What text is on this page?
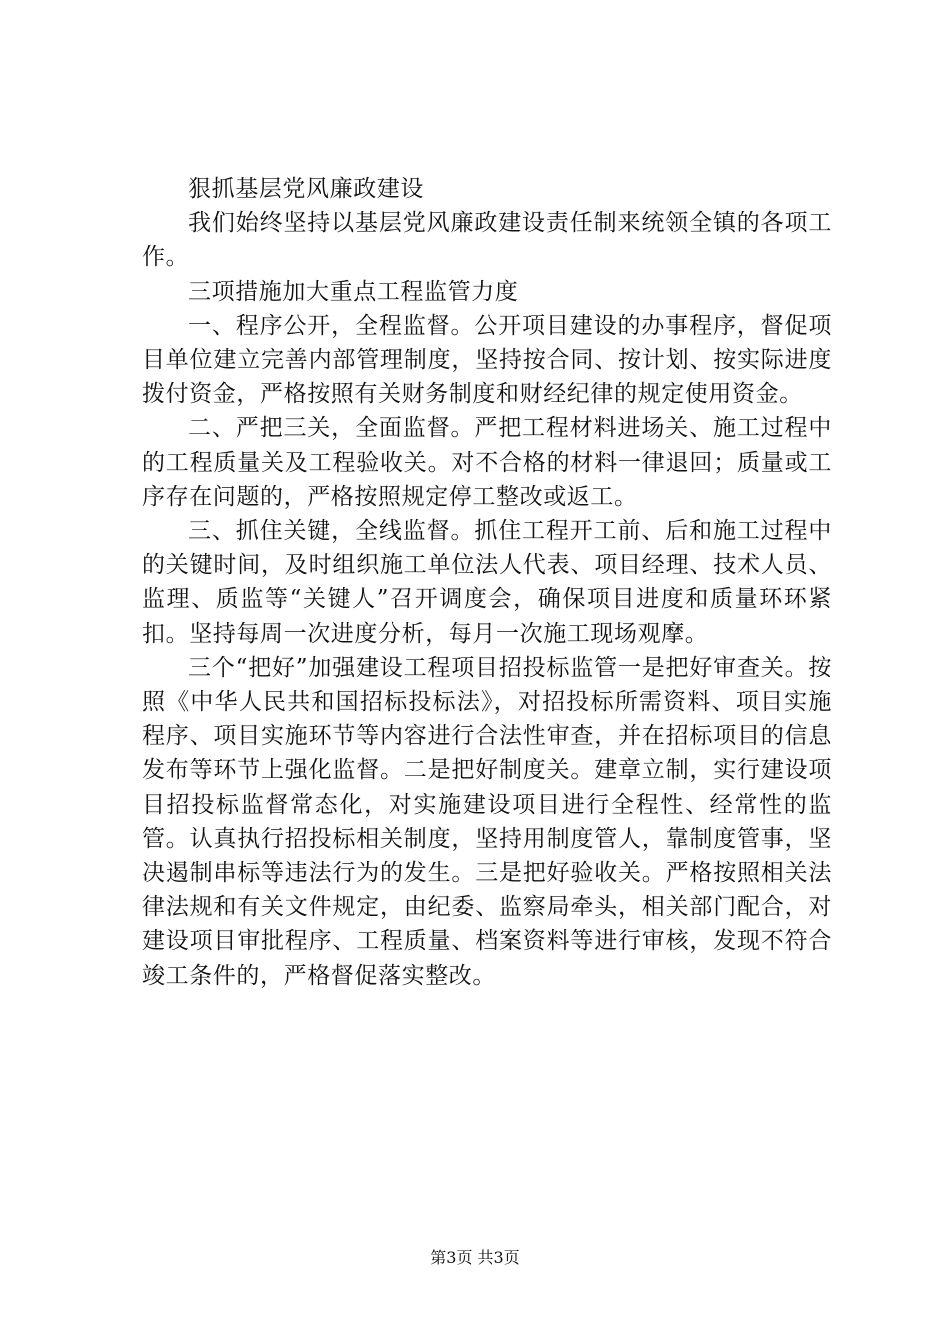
狠抓基层党风廉政建设

我们始终坚持以基层党风廉政建设责任制来统领全镇的各项工作。

三项措施加大重点工程监管力度

一、程序公开，全程监督。公开项目建设的办事程序，督促项目单位建立完善内部管理制度，坚持按合同、按计划、按实际进度拨付资金，严格按照有关财务制度和财经纪律的规定使用资金。

二、严把三关，全面监督。严把工程材料进场关、施工过程中的工程质量关及工程验收关。对不合格的材料一律退回；质量或工序存在问题的，严格按照规定停工整改或返工。

三、抓住关键，全线监督。抓住工程开工前、后和施工过程中的关键时间，及时组织施工单位法人代表、项目经理、技术人员、监理、质监等“关键人”召开调度会，确保项目进度和质量环环紧扣。坚持每周一次进度分析，每月一次施工现场观摩。

三个“把好”加强建设工程项目招投标监管一是把好审查关。按照《中华人民共和国招标投标法》，对招投标所需资料、项目实施程序、项目实施环节等内容进行合法性审查，并在招标项目的信息发布等环节上强化监督。二是把好制度关。建章立制，实行建设项目招投标监督常态化，对实施建设项目进行全程性、经常性的监管。认真执行招投标相关制度，坚持用制度管人，靠制度管事，坚决遏制串标等违法行为的发生。三是把好验收关。严格按照相关法律法规和有关文件规定，由纪委、监察局牵头，相关部门配合，对建设项目审批程序、工程质量、档案资料等进行审核，发现不符合竣工条件的，严格督促落实整改。

第3页 共3页
